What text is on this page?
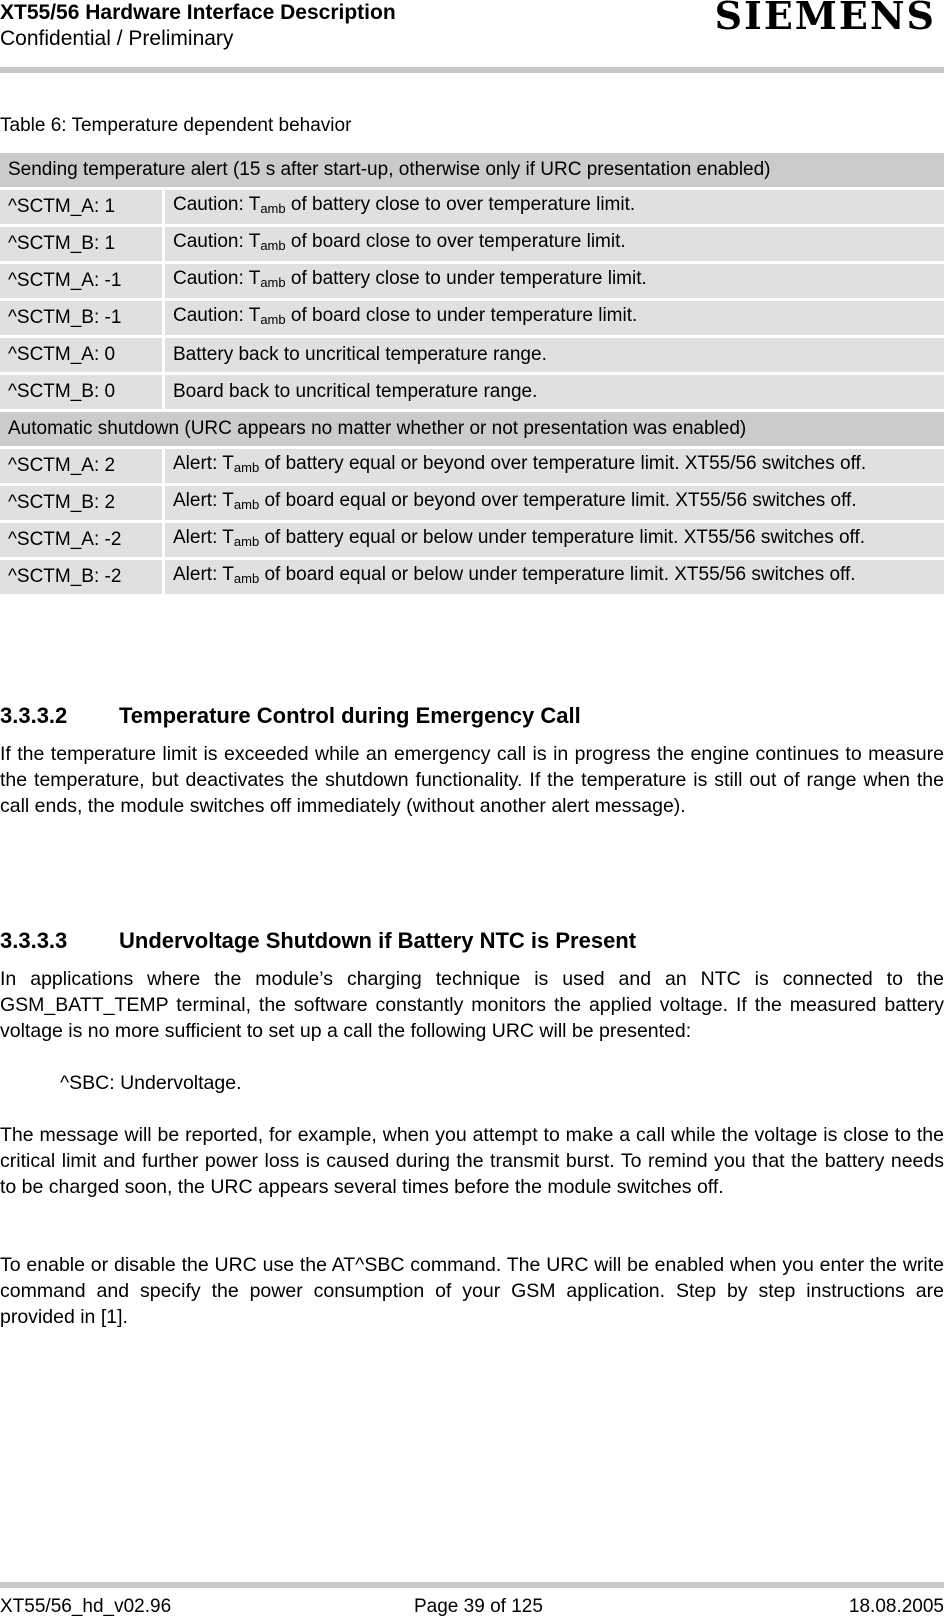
XT55/56 Hardware Interface Description
Confidential / Preliminary
SIEMENS
Table 6: Temperature dependent behavior
Sending temperature alert (15 s after start-up, otherwise only if URC presentation enabled)	
^SCTM_A: 1	Caution: $T_{amb}$ of battery close to over temperature limit.
^SCTM_B: 1	Caution: $T_{amb}$ of board close to over temperature limit.
^SCTM_A: -1	Caution: $T_{amb}$ of battery close to under temperature limit.
^SCTM_B: -1	Caution: $T_{amb}$ of board close to under temperature limit.
^SCTM_A: 0	Battery back to uncritical temperature range.
^SCTM_B: 0	Board back to uncritical temperature range.
Automatic shutdown (URC appears no matter whether or not presentation was enabled)	
^SCTM_A: 2	Alert: $T_{amb}$ of battery equal or beyond over temperature limit. XT55/56 switches off.
^SCTM_B: 2	Alert: $T_{amb}$ of board equal or beyond over temperature limit. XT55/56 switches off.
^SCTM_A: -2	Alert: $T_{amb}$ of battery equal or below under temperature limit. XT55/56 switches off.
^SCTM_B: -2	Alert: $T_{amb}$ of board equal or below under temperature limit. XT55/56 switches off.
3.3.3.2 Temperature Control during Emergency Call

If the temperature limit is exceeded while an emergency call is in progress the engine continues to measure the temperature, but deactivates the shutdown functionality. If the temperature is still out of range when the call ends, the module switches off immediately (without another alert message).

3.3.3.3 Undervoltage Shutdown if Battery NTC is Present

In applications where the module’s charging technique is used and an NTC is connected to the GSM_BATT_TEMP terminal, the software constantly monitors the applied voltage. If the measured battery voltage is no more sufficient to set up a call the following URC will be presented:

^SBC: Undervoltage.

The message will be reported, for example, when you attempt to make a call while the voltage is close to the critical limit and further power loss is caused during the transmit burst. To remind you that the battery needs to be charged soon, the URC appears several times before the module switches off.

To enable or disable the URC use the AT^SBC command. The URC will be enabled when you enter the write command and specify the power consumption of your GSM application. Step by step instructions are provided in [1].

XT55/56_hd_v02.96	Page 39 of 125	18.08.2005
